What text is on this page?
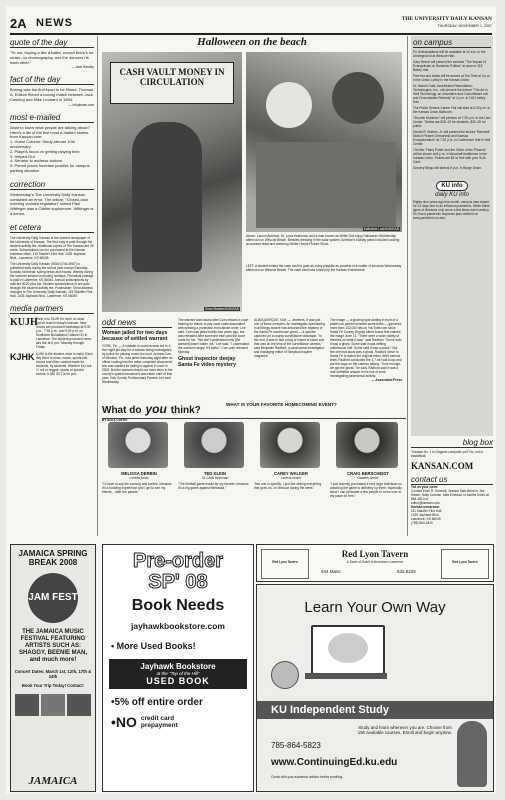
2A NEWS	THE UNIVERSITY DAILY KANSAN
THURSDAY, NOVEMBER 1, 2007
quote of the day

"To me, buying a like a ballet, except there's no music, no choreography, and the dancers hit each other."

— Jack Handey

fact of the day

Boxing was the first sport to be filmed. Thomas A. Edison filmed a boxing match between Jack Cushing and Mike Leonard in 1894.

— infoplease.com

most e-mailed

Want to know what people are talking about? Here's a list of the five most e-mailed stories from Kansan.com:

1. Guest Column: Study abroad 10th anniversary

2. Players focus on getting playing time

3. Helped Out

4. Senator to address visitors

5. Permit prices increase positive for campus parking situation

correction

Wednesday's The University Daily Kansan contained an error. The article, "Closed-door meeting violates regulation" stated Paul Wittinger was a Olathe sophomore. Wittinger is a senior.

et cetera

The University Daily Kansan is the student newspaper of the University of Kansas. The first copy is paid through the student activity fee. Additional copies of The Kansan are 25 cents. Subscriptions can be purchased at the Kansan business office, 119 Stauffer-Flint Hall, 1435 Jayhawk Blvd., Lawrence, KS 66045.

The University Daily Kansan (ISSN 0746-4967) is published daily during the school year except Saturday, Sunday, fall break, spring break and exams. Weekly during the summer session excluding holidays. Periodical postage is paid in Lawrence, KS 66044. Annual subscriptions by mail are $120 plus tax. Student subscriptions of are paid through the student activity fee. Postmaster: Send address changes to The University Daily Kansan, 119 Stauffer-Flint Hall, 1435 Jayhawk Blvd., Lawrence, KS 66045

media partners
KUJH

Tune in to KUJH for more on what you've read in today's Kansan. New shows are produced weekdays at 5:30 p.m., 7:30 p.m., and 9:30 p.m. on Sunflower Broadband Channel 31 in Lawrence. The student-produced news airs live at 6 p.m. Monday through Friday.

KJHK KJHK is the student voice in radio. Each day there is news, music, sports talk shows and other content made for students, by students. Whether it's rock 'n' roll or reggae, sports or special events, KJHK 90.7 is for you.

Halloween on the beach
CASH VAULT MONEY IN CIRCULATION
Sean Madden/KANSAN
Katharine Lusk/KANSAN

Above: Lauren Achmoe, St. Louis freshman, and a man known as White Owl enjoy Halloween Wednesday afternoon on Wescoe Beach. Besides dressing in the solar system, Achmoe's holiday plans included cooking an autumn feast and watching Steller House Picture Show.

LEFT: A student enters the cash vault to grab as many playbills as possible in a matter of seconds Wednesday afternoon on Wescoe Beach. The cash vault was hosted by the Kansas Endowment.

odd news
Woman jailed for two days because of settled warrant

YORK, Pa. — A mistake in court records led to a five-night jail stay for a woman being investigated by police for playing music too loud. Andrea Corn, of Windsor, Pa., was jailed Saturday night after an officer looking into the noise complaint discovered she was wanted for failing to appear in court in 2005. But the warrant should not have been in the county's system because it was taken care of that year, York County Prothonotary Pamela Lee said Wednesday.

The warrant was issued after Corn missed a court hearing for failure to pay court costs associated with seeking a protection-from-abuse order, Lee said. Corn was jailed briefly four years ago, but was released after someone else paid the court costs for her. "We don't understand why [the warrant] wasn't taken out," Lee said. "I understand the woman's angry. It's awful." Corn was released Monday.

Ghost inspector deejay Santa Fe video mystery

ALBUQUERQUE, N.M. — Jewelers, it was just one of those creepers. An investigator specializing in all things bizarre has debunked the mystery of the Santa Fe courthouse ghost — a specter captured on a county surveillance videotape. "In the end, it was in fact a bug or insect of some sort that was on the lens of the surveillance camera," said Benjamin Radford, a paranormal investigator and managing editor of Skeptical Inquirer magazine.

The image — a glowing spot darting in front of a pastel car parked beneath some trees — garnered more than 132,000 hits on YouTube.com since Santa Fe County Deputy Alfred Arana first noticed the image June 13. "There were a wide variety of theories on what it was," said Radford. "Some said it was a ghost. Some said it was drifting cottonwood fluff. Some said it was a prank." But the one that stuck was a ghost. Radford drove to Santa Fe to watch the original video. After various tests, Radford concluded the 1.7-hit hula-hoop and put the bugs on the camera casing. "Sure enough, we got the ghost," he said. Radford said it was a rare definitive answer in his line of work investigating paranormal activity.

— Associated Press

on campus

Pu Uniexpositions will be available at 10 a.m. in the Underground at Wescoe Hall.

Gary Resch will present the seminar "The Impact of Evangelicals on Business Politics" at noon in 318 Bailey Hall.

Free tea and treats will be served at Tea Time at 3 p.m. in the Union Lobby in the Kansas Union.

Dr. Marcio Oddi, Accelerated Remediation Technologies, Inc., will present the lecture "The Art in Well Technology, an Innovative and Cost-efficient soil and Groundwater Remedy" at 4 p.m. in 103 Lindley Hall.

The Public Service Career Fair will start at 4:30 p.m. in the Kansas Union Ballroom.

"Shooter Mortimer" will perform at 7:30 p.m. in the Lied Center. Tickets are $15–19 for students, $30–36 for public.

Gerald R. Butters, Jr. will present the lecture "Banned!: Motion Picture Censorship and Kansas Exceptionalism" at 7:30 p.m. in Conference Hall in Hall Center.

The film "Harry Potter and the Order of the Phoenix" will be shown at 8 p.m. in Woodruff Auditorium in the Kansas Union. Tickets are $2 or free with your SUA Card.

Grocery Bingo will start at 8 p.m. in Burge Union.

KU info
daily KU info

Eighty nine years ago this month, campus was closed for 31 days due to an influenza pandemic. While these types of illnesses only occur a few times each century, KU has a pandemic response plan outlined on www.pandemic.ku.edu.

blog box

"Kansas No. 1 in Gagaxin computer poll" No, not in basketball.

KANSAN.COM
contact us

Tell us your news

Contact Erick R. Schmidt, Jessica Sain-Baird or Joe Hasen, Sally Carman, Matt Erickson or Ashlee Koleo at 864-4810 or

editor@kansan.com.

Kansan newsroom

111 Stauffer-Flint Hall

1435 Jayhawk Blvd.

Lawrence, KS 66045

(785) 864-4810

What do you think?
BY ALEX DUFEK
WHAT IS YOUR FAVORITE HOMECOMING EVENT?
MELISSA DERBIN
Lenexa junior

"I'd have to say the comedy and bonfire, because it's a bonding experience and I get to see my friends... after the parade."

TED KLEIN
St. Louis freshman

"The football game would be my favorite, because it's a big game against Nebraska."

CAREY WALKER
Lenexa senior

"Not one in specific. I just like seeing everything that goes on, on Wescoe during the week."

CRAIG BERSCHEIDT
Gardner senior

"I just recently purchased a very large television so watching the game is definitely up there, especially since I can persuade a few people to come over to my place for free."

JAMAICA SPRING BREAK 2008
JAM FEST
THE JAMAICA MUSIC FESTIVAL FEATURING ARTISTS SUCH AS: SHAGGY, BEENIE MAN, and much more!
Concert Dates: March 1st, 12th, 17th & 24th
Book Your Trip Today! Contact:
JAMAICA
Pre-order
SP' 08
Book Needs
jayhawkbookstore.com
• More Used Books!
Jayhawk Bookstore
at the "Top of the Hill"
USED BOOK
•5% off entire order
•NO credit card prepayment
Red Lyon Tavern
Red Lyon Tavern
A Taste of Dutch in downtown Lawrence
944 Mass	832.8228
Red Lyon Tavern
Learn Your Own Way
KU Independent Study

Study and learn wherever you are. Choose from 150 available courses. Enroll and begin anytime.

785-864-5823
www.ContinuingEd.ku.edu
Check with your academic advisor before enrolling.
